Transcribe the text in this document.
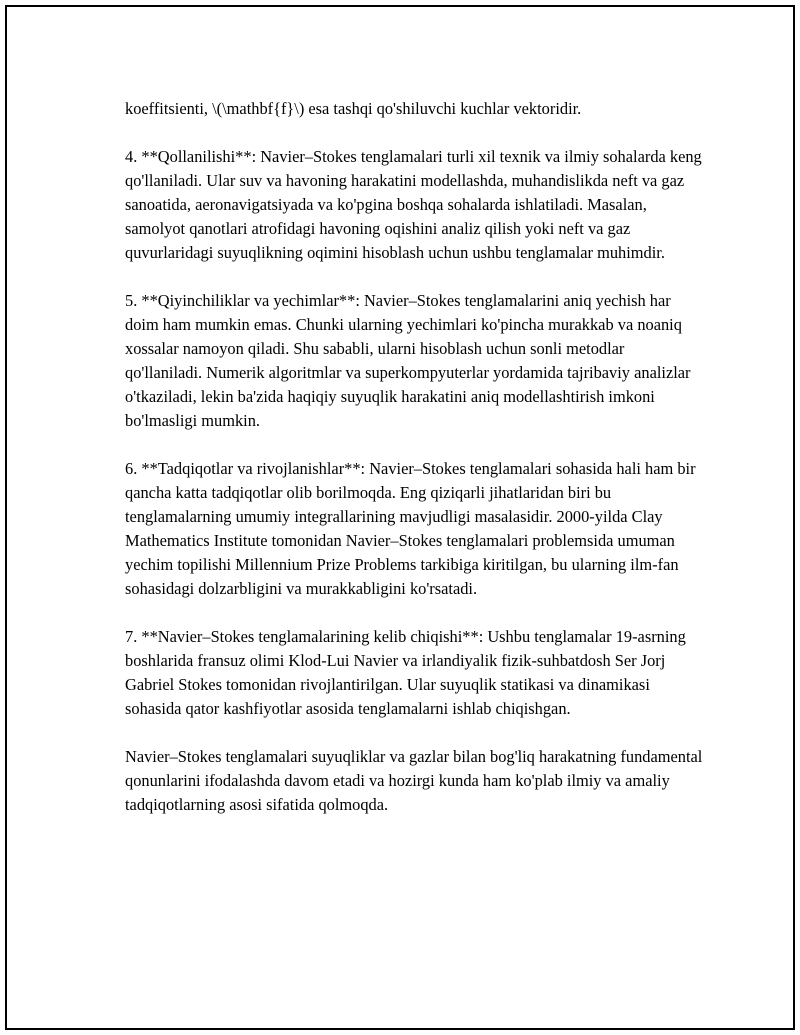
koeffitsienti, \(\mathbf{f}\) esa tashqi qo'shiluvchi kuchlar vektoridir.

4. **Qollanilishi**: Navier–Stokes tenglamalari turli xil texnik va ilmiy sohalarda keng qo'llaniladi. Ular suv va havoning harakatini modellashda, muhandislikda neft va gaz sanoatida, aeronavigatsiyada va ko'pgina boshqa sohalarda ishlatiladi. Masalan, samolyot qanotlari atrofidagi havoning oqishini analiz qilish yoki neft va gaz quvurlaridagi suyuqlikning oqimini hisoblash uchun ushbu tenglamalar muhimdir.

5. **Qiyinchiliklar va yechimlar**: Navier–Stokes tenglamalarini aniq yechish har doim ham mumkin emas. Chunki ularning yechimlari ko'pincha murakkab va noaniq xossalar namoyon qiladi. Shu sababli, ularni hisoblash uchun sonli metodlar qo'llaniladi. Numerik algoritmlar va superkompyuterlar yordamida tajribaviy analizlar o'tkaziladi, lekin ba'zida haqiqiy suyuqlik harakatini aniq modellashtirish imkoni bo'lmasligi mumkin.

6. **Tadqiqotlar va rivojlanishlar**: Navier–Stokes tenglamalari sohasida hali ham bir qancha katta tadqiqotlar olib borilmoqda. Eng qiziqarli jihatlaridan biri bu tenglamalarning umumiy integrallarining mavjudligi masalasidir. 2000-yilda Clay Mathematics Institute tomonidan Navier–Stokes tenglamalari problemsida umuman yechim topilishi Millennium Prize Problems tarkibiga kiritilgan, bu ularning ilm-fan sohasidagi dolzarbligini va murakkabligini ko'rsatadi.

7. **Navier–Stokes tenglamalarining kelib chiqishi**: Ushbu tenglamalar 19-asrning boshlarida fransuz olimi Klod-Lui Navier va irlandiyalik fizik-suhbatdosh Ser Jorj Gabriel Stokes tomonidan rivojlantirilgan. Ular suyuqlik statikasi va dinamikasi sohasida qator kashfiyotlar asosida tenglamalarni ishlab chiqishgan.

Navier–Stokes tenglamalari suyuqliklar va gazlar bilan bog'liq harakatning fundamental qonunlarini ifodalashda davom etadi va hozirgi kunda ham ko'plab ilmiy va amaliy tadqiqotlarning asosi sifatida qolmoqda.
